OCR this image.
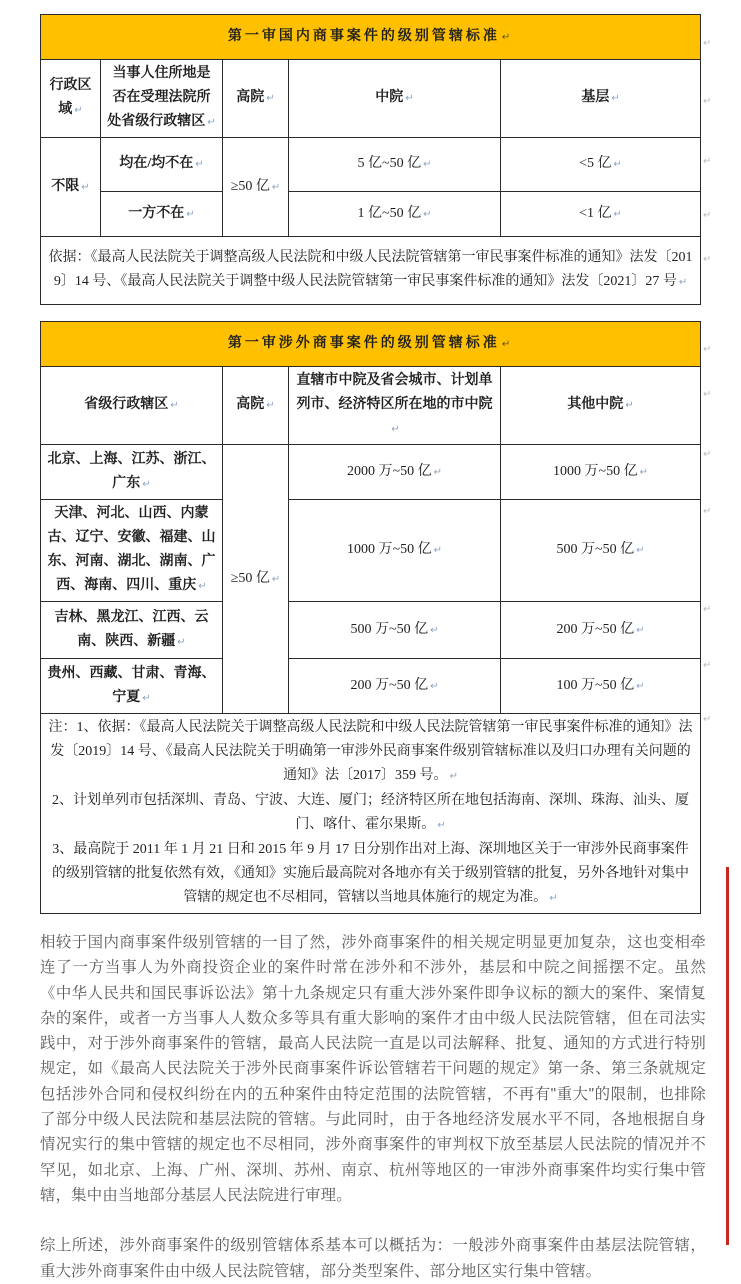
第一审国内商事案件的级别管辖标准 ↵				
行政区域 ↵	当事人住所地是否在受理法院所处省级行政辖区 ↵	高院 ↵	中院 ↵	基层 ↵
不限 ↵	均在/均不在 ↵	≥50 亿 ↵	5 亿~50 亿 ↵	<5 亿 ↵
	一方不在 ↵		1 亿~50 亿 ↵	<1 亿 ↵
依据：《最高人民法院关于调整高级人民法院和中级人民法院管辖第一审民事案件标准的通知》法发〔2019〕14 号、《最高人民法院关于调整中级人民法院管辖第一审民事案件标准的通知》法发〔2021〕27 号 ↵				
第一审涉外商事案件的级别管辖标准 ↵			
省级行政辖区 ↵	高院 ↵	直辖市中院及省会城市、计划单列市、经济特区所在地的市中院↵	其他中院 ↵
北京、上海、江苏、浙江、广东 ↵	≥50 亿 ↵	2000 万~50 亿 ↵	1000 万~50 亿 ↵
天津、河北、山西、内蒙古、辽宁、安徽、福建、山东、河南、湖北、湖南、广西、海南、四川、重庆 ↵		1000 万~50 亿 ↵	500 万~50 亿 ↵
吉林、黑龙江、江西、云南、陕西、新疆 ↵		500 万~50 亿 ↵	200 万~50 亿 ↵
贵州、西藏、甘肃、青海、宁夏 ↵		200 万~50 亿 ↵	100 万~50 亿 ↵

注：1、依据：《最高人民法院关于调整高级人民法院和中级人民法院管辖第一审民事案件标准的通知》法发〔2019〕14 号、《最高人民法院关于明确第一审涉外民商事案件级别管辖标准以及归口办理有关问题的通知》法〔2017〕359 号。 ↵

2、计划单列市包括深圳、青岛、宁波、大连、厦门；经济特区所在地包括海南、深圳、珠海、汕头、厦门、喀什、霍尔果斯。 ↵

3、最高院于 2011 年 1 月 21 日和 2015 年 9 月 17 日分别作出对上海、深圳地区关于一审涉外民商事案件的级别管辖的批复依然有效，《通知》实施后最高院对各地亦有关于级别管辖的批复，另外各地针对集中管辖的规定也不尽相同，管辖以当地具体施行的规定为准。 ↵			

相较于国内商事案件级别管辖的一目了然，涉外商事案件的相关规定明显更加复杂，这也变相牵连了一方当事人为外商投资企业的案件时常在涉外和不涉外，基层和中院之间摇摆不定。虽然《中华人民共和国民事诉讼法》第十九条规定只有重大涉外案件即争议标的额大的案件、案情复杂的案件，或者一方当事人人数众多等具有重大影响的案件才由中级人民法院管辖，但在司法实践中，对于涉外商事案件的管辖，最高人民法院一直是以司法解释、批复、通知的方式进行特别规定，如《最高人民法院关于涉外民商事案件诉讼管辖若干问题的规定》第一条、第三条就规定包括涉外合同和侵权纠纷在内的五种案件由特定范围的法院管辖，不再有"重大"的限制，也排除了部分中级人民法院和基层法院的管辖。与此同时，由于各地经济发展水平不同，各地根据自身情况实行的集中管辖的规定也不尽相同，涉外商事案件的审判权下放至基层人民法院的情况并不罕见，如北京、上海、广州、深圳、苏州、南京、杭州等地区的一审涉外商事案件均实行集中管辖，集中由当地部分基层人民法院进行审理。

综上所述，涉外商事案件的级别管辖体系基本可以概括为：一般涉外商事案件由基层法院管辖，重大涉外商事案件由中级人民法院管辖，部分类型案件、部分地区实行集中管辖。

↵
↵
↵
↵
↵
↵
↵
↵
↵
↵
↵
↵
